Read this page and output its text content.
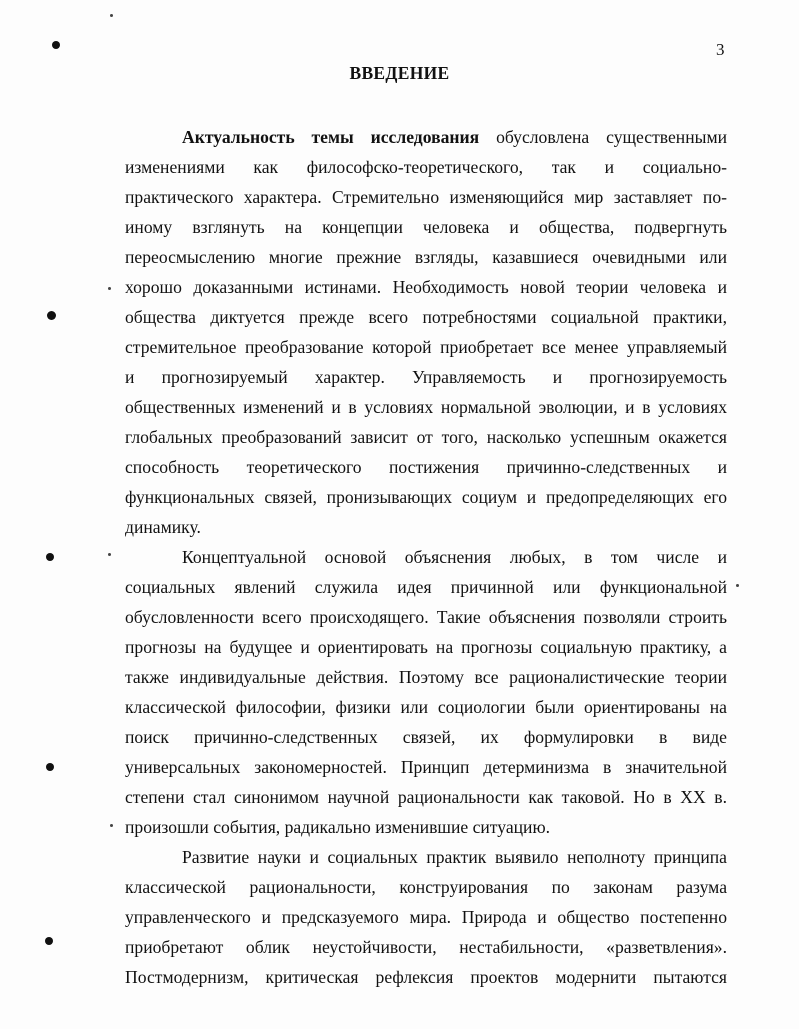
3
ВВЕДЕНИЕ
Актуальность темы исследования обусловлена существенными
изменениями как философско-теоретического, так и социально-
практического характера. Стремительно изменяющийся мир заставляет по-
иному взглянуть на концепции человека и общества, подвергнуть
переосмыслению многие прежние взгляды, казавшиеся очевидными или
хорошо доказанными истинами. Необходимость новой теории человека и
общества диктуется прежде всего потребностями социальной практики,
стремительное преобразование которой приобретает все менее управляемый
и прогнозируемый характер. Управляемость и прогнозируемость
общественных изменений и в условиях нормальной эволюции, и в условиях
глобальных преобразований зависит от того, насколько успешным окажется
способность теоретического постижения причинно-следственных и
функциональных связей, пронизывающих социум и предопределяющих его
динамику.
Концептуальной основой объяснения любых, в том числе и
социальных явлений служила идея причинной или функциональной
обусловленности всего происходящего. Такие объяснения позволяли строить
прогнозы на будущее и ориентировать на прогнозы социальную практику, а
также индивидуальные действия. Поэтому все рационалистические теории
классической философии, физики или социологии были ориентированы на
поиск причинно-следственных связей, их формулировки в виде
универсальных закономерностей. Принцип детерминизма в значительной
степени стал синонимом научной рациональности как таковой. Но в XX в.
произошли события, радикально изменившие ситуацию.
Развитие науки и социальных практик выявило неполноту принципа
классической рациональности, конструирования по законам разума
управленческого и предсказуемого мира. Природа и общество постепенно
приобретают облик неустойчивости, нестабильности, «разветвления».
Постмодернизм, критическая рефлексия проектов модернити пытаются
